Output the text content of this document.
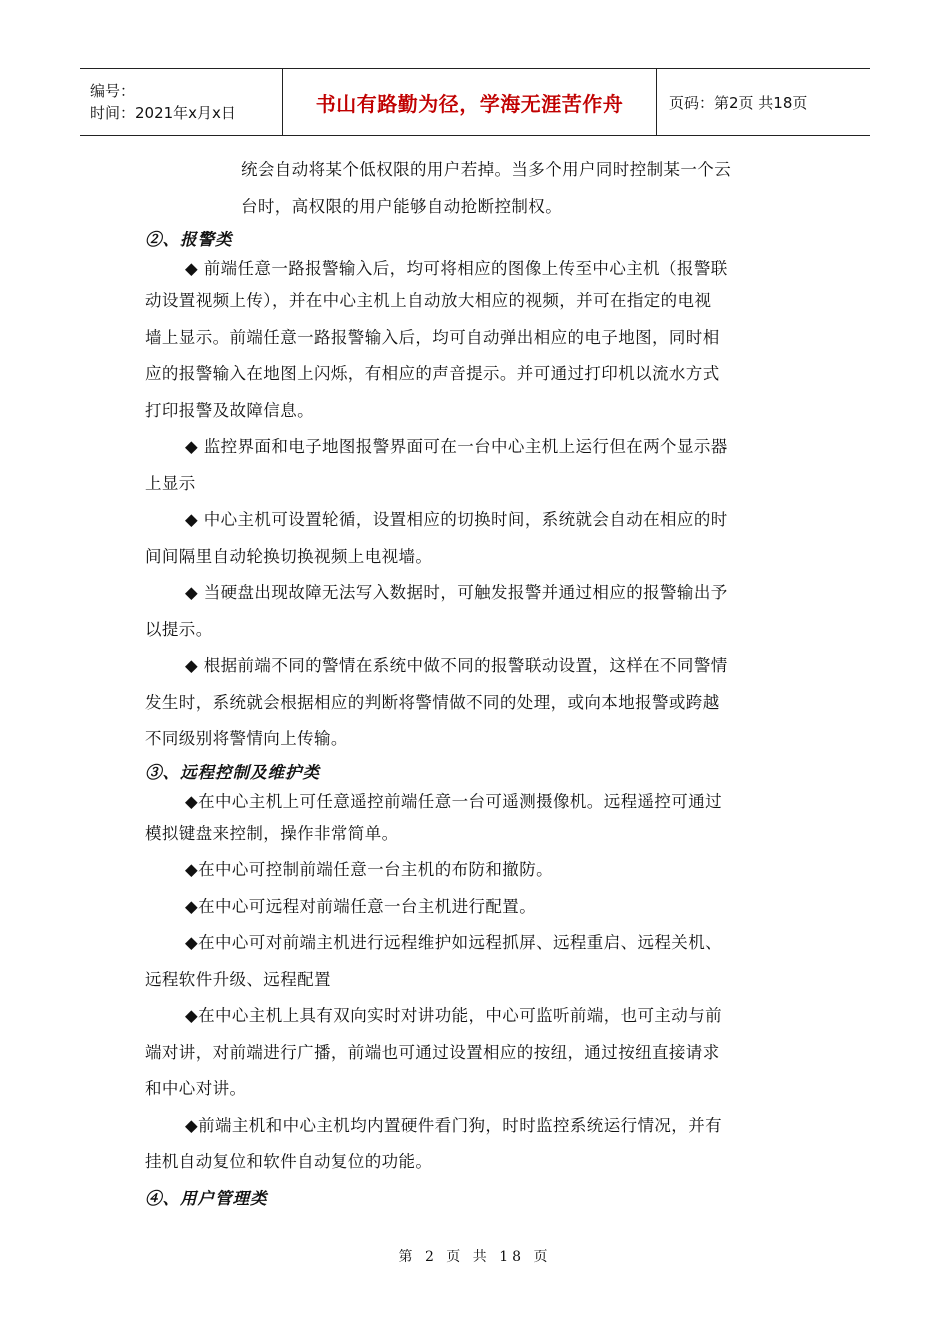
编号：
时间：2021年x月x日	书山有路勤为径，学海无涯苦作舟	页码：第2页 共18页
统会自动将某个低权限的用户若掉。当多个用户同时控制某一个云
台时，高权限的用户能够自动抢断控制权。
②、报警类
◆ 前端任意一路报警输入后，均可将相应的图像上传至中心主机（报警联
动设置视频上传），并在中心主机上自动放大相应的视频，并可在指定的电视
墙上显示。前端任意一路报警输入后，均可自动弹出相应的电子地图，同时相
应的报警输入在地图上闪烁，有相应的声音提示。并可通过打印机以流水方式
打印报警及故障信息。
◆ 监控界面和电子地图报警界面可在一台中心主机上运行但在两个显示器
上显示
◆ 中心主机可设置轮循，设置相应的切换时间，系统就会自动在相应的时
间间隔里自动轮换切换视频上电视墙。
◆ 当硬盘出现故障无法写入数据时，可触发报警并通过相应的报警输出予
以提示。
◆ 根据前端不同的警情在系统中做不同的报警联动设置，这样在不同警情
发生时，系统就会根据相应的判断将警情做不同的处理，或向本地报警或跨越
不同级别将警情向上传输。
③、远程控制及维护类
◆在中心主机上可任意遥控前端任意一台可遥测摄像机。远程遥控可通过
模拟键盘来控制，操作非常简单。
◆在中心可控制前端任意一台主机的布防和撤防。
◆在中心可远程对前端任意一台主机进行配置。
◆在中心可对前端主机进行远程维护如远程抓屏、远程重启、远程关机、
远程软件升级、远程配置
◆在中心主机上具有双向实时对讲功能，中心可监听前端，也可主动与前
端对讲，对前端进行广播，前端也可通过设置相应的按纽，通过按纽直接请求
和中心对讲。
◆前端主机和中心主机均内置硬件看门狗，时时监控系统运行情况，并有
挂机自动复位和软件自动复位的功能。
④、用户管理类
第 2 页 共 18 页
